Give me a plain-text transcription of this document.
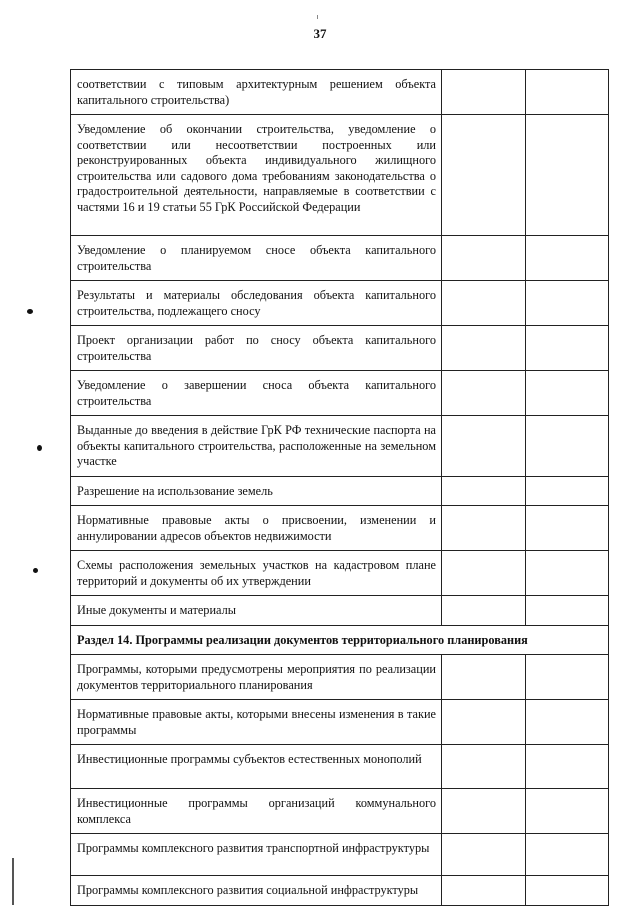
37
соответствии с типовым архитектурным решением объекта капитального строительства)		
Уведомление об окончании строительства, уведомление о соответствии или несоответствии построенных или реконструированных объекта индивидуального жилищного строительства или садового дома требованиям законодательства о градостроительной деятельности, направляемые в соответствии с частями 16 и 19 статьи 55 ГрК Российской Федерации		
Уведомление о планируемом сносе объекта капитального строительства		
Результаты и материалы обследования объекта капитального строительства, подлежащего сносу		
Проект организации работ по сносу объекта капитального строительства		
Уведомление о завершении сноса объекта капитального строительства		
Выданные до введения в действие ГрК РФ технические паспорта на объекты капитального строительства, расположенные на земельном участке		
Разрешение на использование земель		
Нормативные правовые акты о присвоении, изменении и аннулировании адресов объектов недвижимости		
Схемы расположения земельных участков на кадастровом плане территорий и документы об их утверждении		
Иные документы и материалы		
Раздел 14. Программы реализации документов территориального планирования		
Программы, которыми предусмотрены мероприятия по реализации документов территориального планирования		
Нормативные правовые акты, которыми внесены изменения в такие программы		
Инвестиционные программы субъектов естественных монополий		
Инвестиционные программы организаций коммунального комплекса		
Программы комплексного развития транспортной инфраструктуры		
Программы комплексного развития социальной инфраструктуры		
